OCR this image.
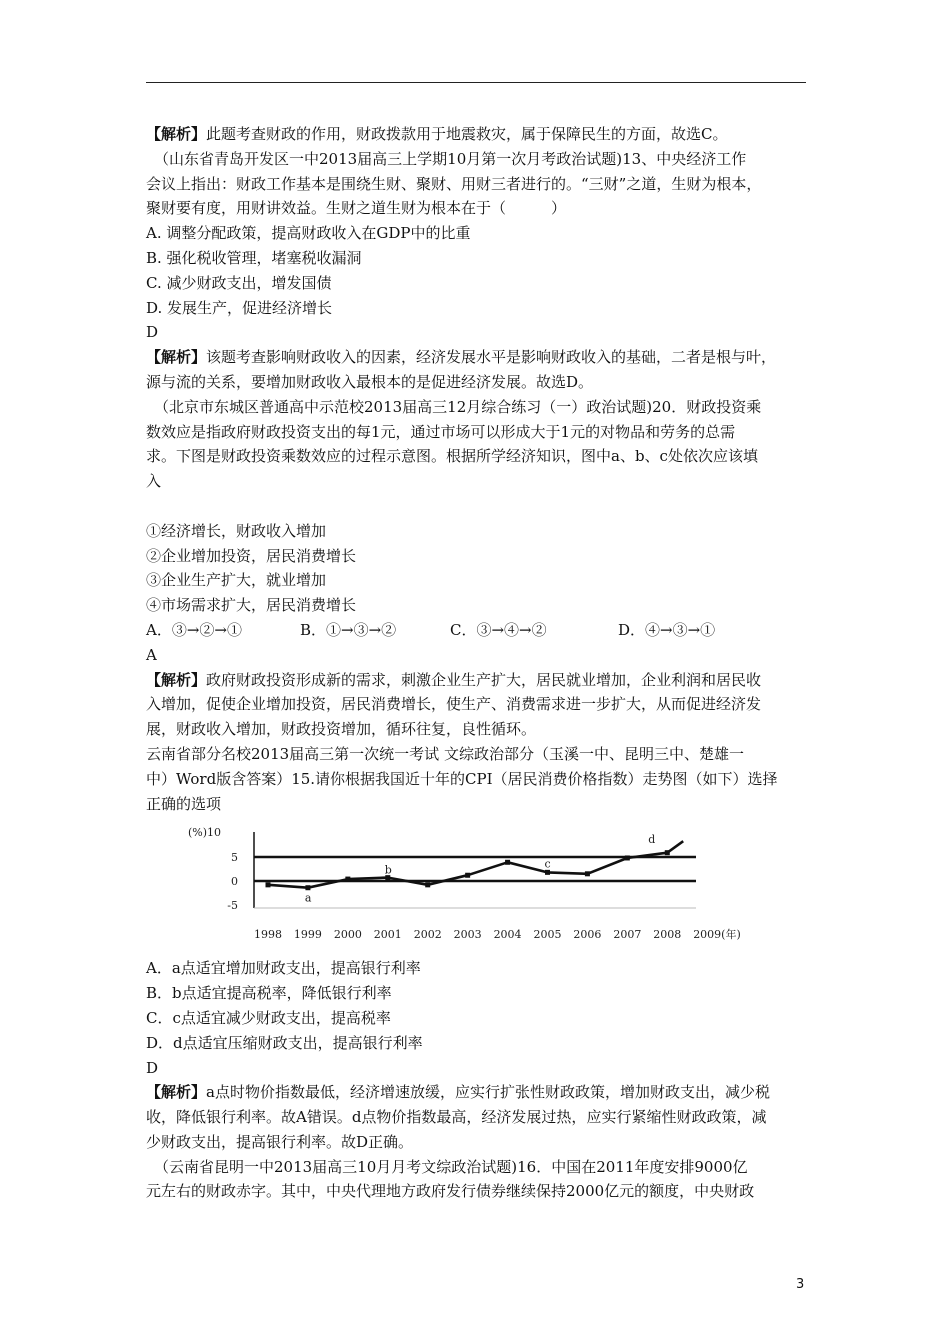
【解析】此题考查财政的作用，财政拨款用于地震救灾，属于保障民生的方面，故选C。

（山东省青岛开发区一中2013届高三上学期10月第一次月考政治试题)13、中央经济工作

会议上指出：财政工作基本是围绕生财、聚财、用财三者进行的。“三财”之道，生财为根本，

聚财要有度，用财讲效益。生财之道生财为根本在于（　　　）

A. 调整分配政策，提高财政收入在GDP中的比重

B. 强化税收管理，堵塞税收漏洞

C. 减少财政支出，增发国债

D. 发展生产，促进经济增长

D

【解析】该题考查影响财政收入的因素，经济发展水平是影响财政收入的基础，二者是根与叶，

源与流的关系，要增加财政收入最根本的是促进经济发展。故选D。

（北京市东城区普通高中示范校2013届高三12月综合练习（一）政治试题)20．财政投资乘

数效应是指政府财政投资支出的每1元，通过市场可以形成大于1元的对物品和劳务的总需

求。下图是财政投资乘数效应的过程示意图。根据所学经济知识，图中a、b、c处依次应该填

入

①经济增长，财政收入增加

②企业增加投资，居民消费增长

③企业生产扩大，就业增加

④市场需求扩大，居民消费增长

A．③→②→①	B．①→③→②	C．③→④→②	D．④→③→①

A

【解析】政府财政投资形成新的需求，刺激企业生产扩大，居民就业增加，企业利润和居民收

入增加，促使企业增加投资，居民消费增长，使生产、消费需求进一步扩大，从而促进经济发

展，财政收入增加，财政投资增加，循环往复，良性循环。

云南省部分名校2013届高三第一次统一考试 文综政治部分（玉溪一中、昆明三中、楚雄一

中）Word版含答案）15.请你根据我国近十年的CPI（居民消费价格指数）走势图（如下）选择

正确的选项

(%)10
5
0
-5
1998 1999 2000 2001 2002 2003 2004 2005 2006 2007 2008 2009(年)
a
b	c
d

A．a点适宜增加财政支出，提高银行利率

B．b点适宜提高税率，降低银行利率

C．c点适宜减少财政支出，提高税率

D．d点适宜压缩财政支出，提高银行利率

D

【解析】a点时物价指数最低，经济增速放缓，应实行扩张性财政政策，增加财政支出，减少税

收，降低银行利率。故A错误。d点物价指数最高，经济发展过热，应实行紧缩性财政政策，减

少财政支出，提高银行利率。故D正确。

（云南省昆明一中2013届高三10月月考文综政治试题)16．中国在2011年度安排9000亿

元左右的财政赤字。其中，中央代理地方政府发行债券继续保持2000亿元的额度，中央财政

3
